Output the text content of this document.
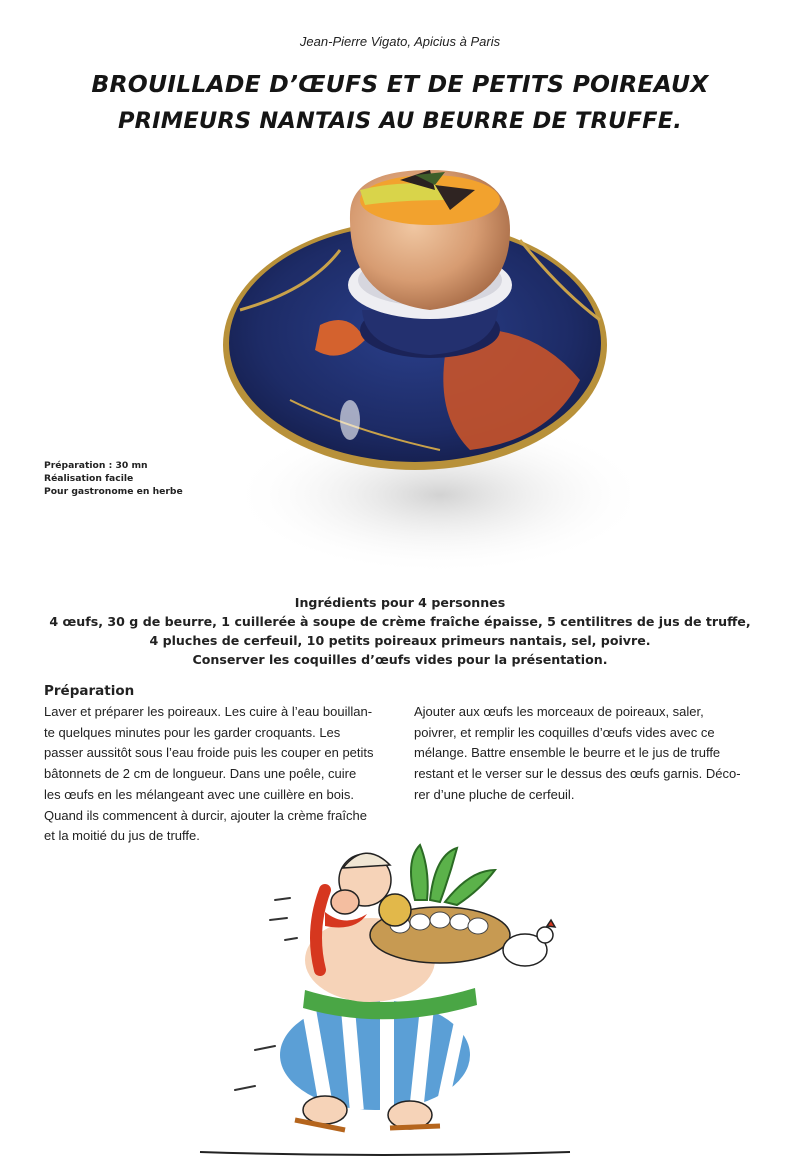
Jean-Pierre Vigato, Apicius à Paris
BROUILLADE D’ŒUFS ET DE PETITS POIREAUX
PRIMEURS NANTAIS AU BEURRE DE TRUFFE.
Préparation : 30 mn
Réalisation facile
Pour gastronome en herbe
Ingrédients pour 4 personnes
4 œufs, 30 g de beurre, 1 cuillerée à soupe de crème fraîche épaisse, 5 centilitres de jus de truffe,
4 pluches de cerfeuil, 10 petits poireaux primeurs nantais, sel, poivre.
Conserver les coquilles d’œufs vides pour la présentation.
Préparation
Laver et préparer les poireaux. Les cuire à l’eau bouillan-
te quelques minutes pour les garder croquants. Les
passer aussitôt sous l’eau froide puis les couper en petits
bâtonnets de 2 cm de longueur. Dans une poêle, cuire
les œufs en les mélangeant avec une cuillère en bois.
Quand ils commencent à durcir, ajouter la crème fraîche
et la moitié du jus de truffe.
Ajouter aux œufs les morceaux de poireaux, saler,
poivrer, et remplir les coquilles d’œufs vides avec ce
mélange. Battre ensemble le beurre et le jus de truffe
restant et le verser sur le dessus des œufs garnis. Déco-
rer d’une pluche de cerfeuil.
